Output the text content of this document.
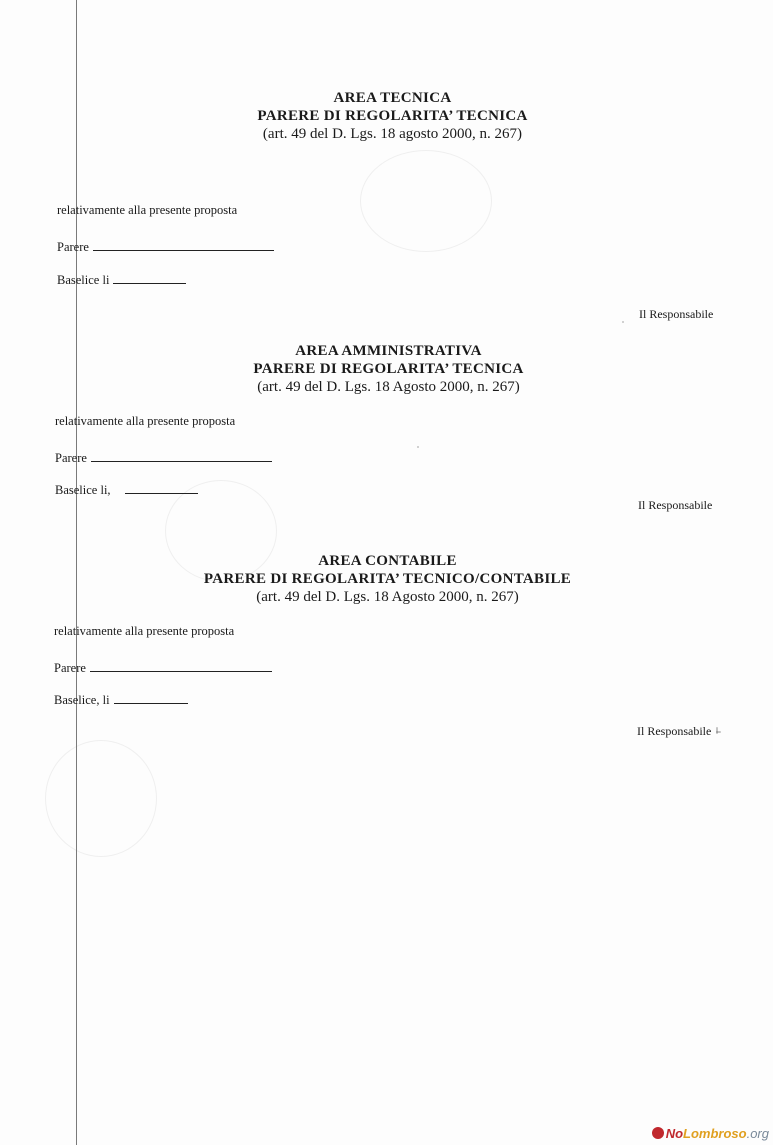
AREA TECNICA
PARERE DI REGOLARITA’ TECNICA
(art. 49 del D. Lgs. 18 agosto 2000, n. 267)
relativamente alla presente proposta
Parere
Baselice li
Il Responsabile
AREA AMMINISTRATIVA
PARERE DI REGOLARITA’ TECNICA
(art. 49 del D. Lgs. 18 Agosto 2000, n. 267)
relativamente alla presente proposta
Parere
Baselice li,
Il Responsabile
AREA CONTABILE
PARERE DI REGOLARITA’ TECNICO/CONTABILE
(art. 49 del D. Lgs. 18 Agosto 2000, n. 267)
relativamente alla presente proposta
Parere
Baselice, li
Il Responsabile
NoLombroso.org
